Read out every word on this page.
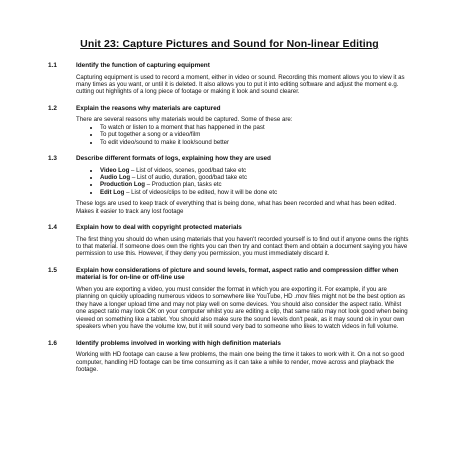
Unit 23: Capture Pictures and Sound for Non-linear Editing
1.1	Identify the function of capturing equipment

Capturing equipment is used to record a moment, either in video or sound. Recording this moment allows you to view it as many times as you want, or until it is deleted. It also allows you to put it into editing software and adjust the moment e.g. cutting out highlights of a long piece of footage or making it look and sound clearer.

1.2	Explain the reasons why materials are captured

There are several reasons why materials would be captured. Some of these are:

• To watch or listen to a moment that has happened in the past
• To put together a song or a video/film
• To edit video/sound to make it look/sound better
1.3	Describe different formats of logs, explaining how they are used
• Video Log – List of videos, scenes, good/bad take etc
• Audio Log – List of audio, duration, good/bad take etc
• Production Log – Production plan, tasks etc
• Edit Log – List of videos/clips to be edited, how it will be done etc

These logs are used to keep track of everything that is being done, what has been recorded and what has been edited. Makes it easier to track any lost footage

1.4	Explain how to deal with copyright protected materials

The first thing you should do when using materials that you haven't recorded yourself is to find out if anyone owns the rights to that material. If someone does own the rights you can then try and contact them and obtain a document saying you have permission to use this. However, if they deny you permission, you must immediately discard it.

1.5	Explain how considerations of picture and sound levels, format, aspect ratio and compression differ when material is for on-line or off-line use

When you are exporting a video, you must consider the format in which you are exporting it. For example, if you are planning on quickly uploading numerous videos to somewhere like YouTube, HD .mov files might not be the best option as they have a longer upload time and may not play well on some devices. You should also consider the aspect ratio. Whilst one aspect ratio may look OK on your computer whilst you are editing a clip, that same ratio may not look good when being viewed on something like a tablet. You should also make sure the sound levels don't peak, as it may sound ok in your own speakers when you have the volume low, but it will sound very bad to someone who likes to watch videos in full volume.

1.6	Identify problems involved in working with high definition materials

Working with HD footage can cause a few problems, the main one being the time it takes to work with it. On a not so good computer, handling HD footage can be time consuming as it can take a while to render, move across and playback the footage.
